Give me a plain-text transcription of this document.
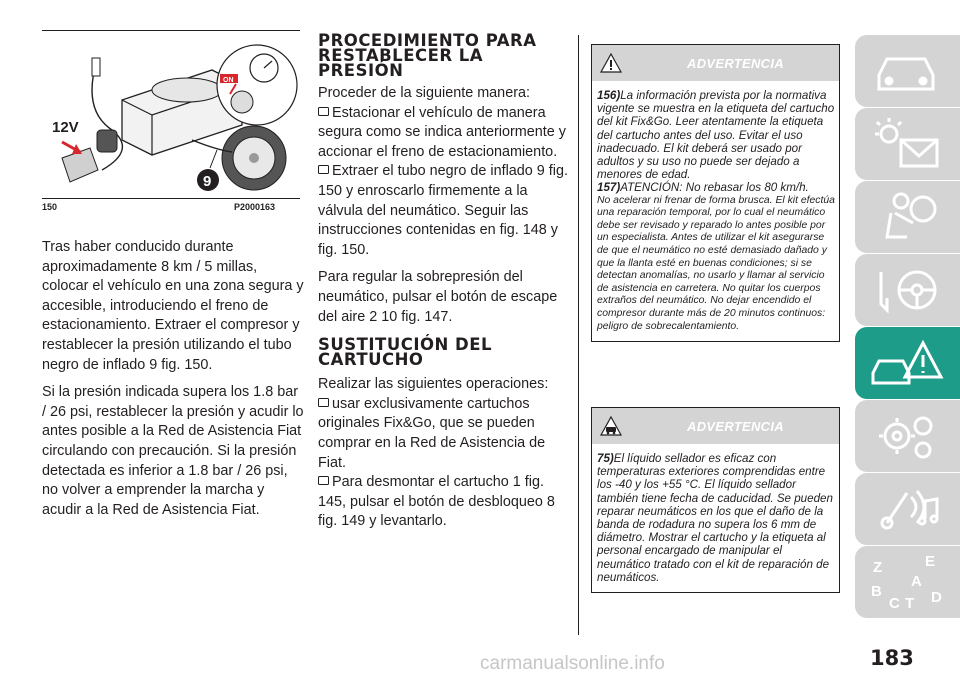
ON
12V
9
150	P2000163

Tras haber conducido durante aproximadamente 8 km / 5 millas, colocar el vehículo en una zona segura y accesible, introduciendo el freno de estacionamiento. Extraer el compresor y restablecer la presión utilizando el tubo negro de inflado 9 fig. 150.

Si la presión indicada supera los 1.8 bar / 26 psi, restablecer la presión y acudir lo antes posible a la Red de Asistencia Fiat circulando con precaución. Si la presión detectada es inferior a 1.8 bar / 26 psi, no volver a emprender la marcha y acudir a la Red de Asistencia Fiat.

PROCEDIMIENTO PARA RESTABLECER LA PRESIÓN
Proceder de la siguiente manera:
Estacionar el vehículo de manera segura como se indica anteriormente y accionar el freno de estacionamiento.
Extraer el tubo negro de inflado 9 fig. 150 y enroscarlo firmemente a la válvula del neumático. Seguir las instrucciones contenidas en fig. 148 y fig. 150.

Para regular la sobrepresión del neumático, pulsar el botón de escape del aire 2 10 fig. 147.

SUSTITUCIÓN DEL CARTUCHO
Realizar las siguientes operaciones:
usar exclusivamente cartuchos originales Fix&Go, que se pueden comprar en la Red de Asistencia de Fiat.
Para desmontar el cartucho 1 fig. 145, pulsar el botón de desbloqueo 8 fig. 149 y levantarlo.
ADVERTENCIA

156)La información prevista por la normativa vigente se muestra en la etiqueta del cartucho del kit Fix&Go. Leer atentamente la etiqueta del cartucho antes del uso. Evitar el uso inadecuado. El kit deberá ser usado por adultos y su uso no puede ser dejado a menores de edad.

157)ATENCIÓN: No rebasar los 80 km/h.

No acelerar ni frenar de forma brusca. El kit efectúa una reparación temporal, por lo cual el neumático debe ser revisado y reparado lo antes posible por un especialista. Antes de utilizar el kit asegurarse de que el neumático no esté demasiado dañado y que la llanta esté en buenas condiciones; si se detectan anomalías, no usarlo y llamar al servicio de asistencia en carretera. No quitar los cuerpos extraños del neumático. No dejar encendido el compresor durante más de 20 minutos continuos: peligro de sobrecalentamiento.

ADVERTENCIA

75)El líquido sellador es eficaz con temperaturas exteriores comprendidas entre los -40 y los +55 °C. El líquido sellador también tiene fecha de caducidad. Se pueden reparar neumáticos en los que el daño de la banda de rodadura no supera los 6 mm de diámetro. Mostrar el cartucho y la etiqueta al personal encargado de manipular el neumático tratado con el kit de reparación de neumáticos.

Z	E
A
B
C T D
183
carmanualsonline.info
